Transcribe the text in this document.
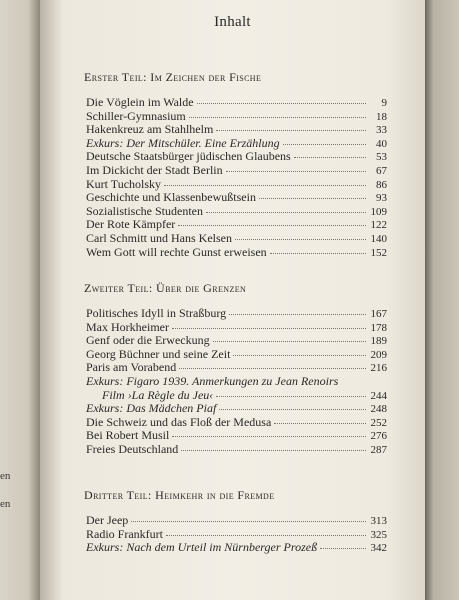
en
en
Inhalt
Erster Teil: Im Zeichen der Fische
Die Vöglein im Walde	9
Schiller-Gymnasium	18
Hakenkreuz am Stahlhelm	33
Exkurs: Der Mitschüler. Eine Erzählung	40
Deutsche Staatsbürger jüdischen Glaubens	53
Im Dickicht der Stadt Berlin	67
Kurt Tucholsky	86
Geschichte und Klassenbewußtsein	93
Sozialistische Studenten	109
Der Rote Kämpfer	122
Carl Schmitt und Hans Kelsen	140
Wem Gott will rechte Gunst erweisen	152
Zweiter Teil: Über die Grenzen
Politisches Idyll in Straßburg	167
Max Horkheimer	178
Genf oder die Erweckung	189
Georg Büchner und seine Zeit	209
Paris am Vorabend	216
Exkurs: Figaro 1939. Anmerkungen zu Jean Renoirs
Film ›La Règle du Jeu‹	244
Exkurs: Das Mädchen Piaf	248
Die Schweiz und das Floß der Medusa	252
Bei Robert Musil	276
Freies Deutschland	287
Dritter Teil: Heimkehr in die Fremde
Der Jeep	313
Radio Frankfurt	325
Exkurs: Nach dem Urteil im Nürnberger Prozeß	342
